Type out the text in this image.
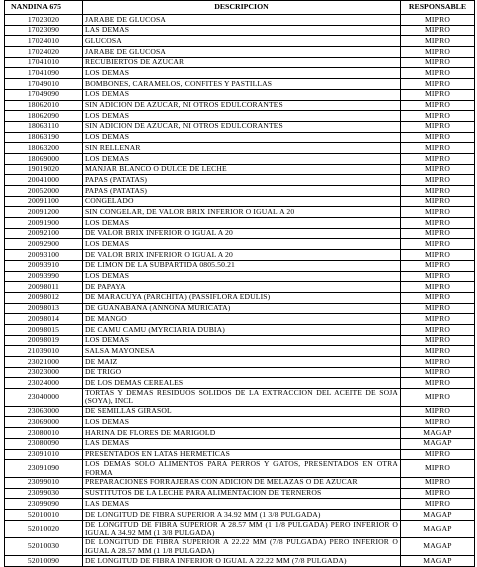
NANDINA 675	DESCRIPCION	RESPONSABLE
17023020	JARABE DE GLUCOSA	MIPRO
17023090	LAS DEMAS	MIPRO
17024010	GLUCOSA	MIPRO
17024020	JARABE DE GLUCOSA	MIPRO
17041010	RECUBIERTOS DE AZUCAR	MIPRO
17041090	LOS DEMAS	MIPRO
17049010	BOMBONES, CARAMELOS, CONFITES Y PASTILLAS	MIPRO
17049090	LOS DEMAS	MIPRO
18062010	SIN ADICION DE AZUCAR, NI OTROS EDULCORANTES	MIPRO
18062090	LOS DEMAS	MIPRO
18063110	SIN ADICION DE AZUCAR, NI OTROS EDULCORANTES	MIPRO
18063190	LOS DEMAS	MIPRO
18063200	SIN RELLENAR	MIPRO
18069000	LOS DEMAS	MIPRO
19019020	MANJAR BLANCO O DULCE DE LECHE	MIPRO
20041000	PAPAS (PATATAS)	MIPRO
20052000	PAPAS (PATATAS)	MIPRO
20091100	CONGELADO	MIPRO
20091200	SIN CONGELAR, DE VALOR BRIX INFERIOR O IGUAL A 20	MIPRO
20091900	LOS DEMAS	MIPRO
20092100	DE VALOR BRIX INFERIOR O IGUAL A 20	MIPRO
20092900	LOS DEMAS	MIPRO
20093100	DE VALOR BRIX INFERIOR O IGUAL A 20	MIPRO
20093910	DE LIMON DE LA SUBPARTIDA 0805.50.21	MIPRO
20093990	LOS DEMAS	MIPRO
20098011	DE PAPAYA	MIPRO
20098012	DE MARACUYA (PARCHITA) (PASSIFLORA EDULIS)	MIPRO
20098013	DE GUANABANA (ANNONA MURICATA)	MIPRO
20098014	DE MANGO	MIPRO
20098015	DE CAMU CAMU (MYRCIARIA DUBIA)	MIPRO
20098019	LOS DEMAS	MIPRO
21039010	SALSA MAYONESA	MIPRO
23021000	DE MAIZ	MIPRO
23023000	DE TRIGO	MIPRO
23024000	DE LOS DEMAS CEREALES	MIPRO
23040000	TORTAS Y DEMAS RESIDUOS SOLIDOS DE LA EXTRACCION DEL ACEITE DE SOJA (SOYA), INCL	MIPRO
23063000	DE SEMILLAS GIRASOL	MIPRO
23069000	LOS DEMAS	MIPRO
23080010	HARINA DE FLORES DE MARIGOLD	MAGAP
23080090	LAS DEMAS	MAGAP
23091010	PRESENTADOS EN LATAS HERMETICAS	MIPRO
23091090	LOS DEMAS SOLO ALIMENTOS PARA PERROS Y GATOS, PRESENTADOS EN OTRA FORMA	MIPRO
23099010	PREPARACIONES FORRAJERAS CON ADICION DE MELAZAS O DE AZUCAR	MIPRO
23099030	SUSTITUTOS DE LA LECHE PARA ALIMENTACION DE TERNEROS	MIPRO
23099090	LAS DEMAS	MIPRO
52010010	DE LONGITUD DE FIBRA SUPERIOR A 34.92 MM (1 3/8 PULGADA)	MAGAP
52010020	DE LONGITUD DE FIBRA SUPERIOR A 28.57 MM (1 1/8 PULGADA) PERO INFERIOR O IGUAL A 34.92 MM (1 3/8 PULGADA)	MAGAP
52010030	DE LONGITUD DE FIBRA SUPERIOR A 22.22 MM (7/8 PULGADA) PERO INFERIOR O IGUAL A 28.57 MM (1 1/8 PULGADA)	MAGAP
52010090	DE LONGITUD DE FIBRA INFERIOR O IGUAL A 22.22 MM (7/8 PULGADA)	MAGAP
